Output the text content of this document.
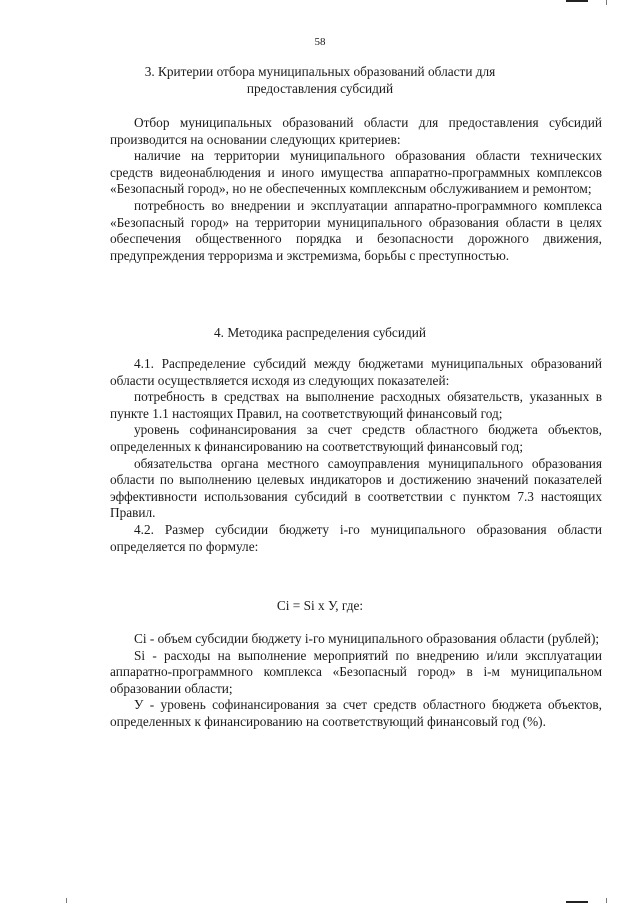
58
3. Критерии отбора муниципальных образований области для предоставления субсидий

Отбор муниципальных образований области для предоставления субсидий производится на основании следующих критериев:

наличие на территории муниципального образования области технических средств видеонаблюдения и иного имущества аппаратно-программных комплексов «Безопасный город», но не обеспеченных комплексным обслуживанием и ремонтом;

потребность во внедрении и эксплуатации аппаратно-программного комплекса «Безопасный город» на территории муниципального образования области в целях обеспечения общественного порядка и безопасности дорожного движения, предупреждения терроризма и экстремизма, борьбы с преступностью.

4. Методика распределения субсидий

4.1. Распределение субсидий между бюджетами муниципальных образований области осуществляется исходя из следующих показателей:

потребность в средствах на выполнение расходных обязательств, указанных в пункте 1.1 настоящих Правил, на соответствующий финансовый год;

уровень софинансирования за счет средств областного бюджета объектов, определенных к финансированию на соответствующий финансовый год;

обязательства органа местного самоуправления муниципального образования области по выполнению целевых индикаторов и достижению значений показателей эффективности использования субсидий в соответствии с пунктом 7.3 настоящих Правил.

4.2. Размер субсидии бюджету i-го муниципального образования области определяется по формуле:

Ci = Si x У, где:

Ci - объем субсидии бюджету i-го муниципального образования области (рублей);

Si - расходы на выполнение мероприятий по внедрению и/или эксплуатации аппаратно-программного комплекса «Безопасный город» в i-м муниципальном образовании области;

У - уровень софинансирования за счет средств областного бюджета объектов, определенных к финансированию на соответствующий финансовый год (%).
